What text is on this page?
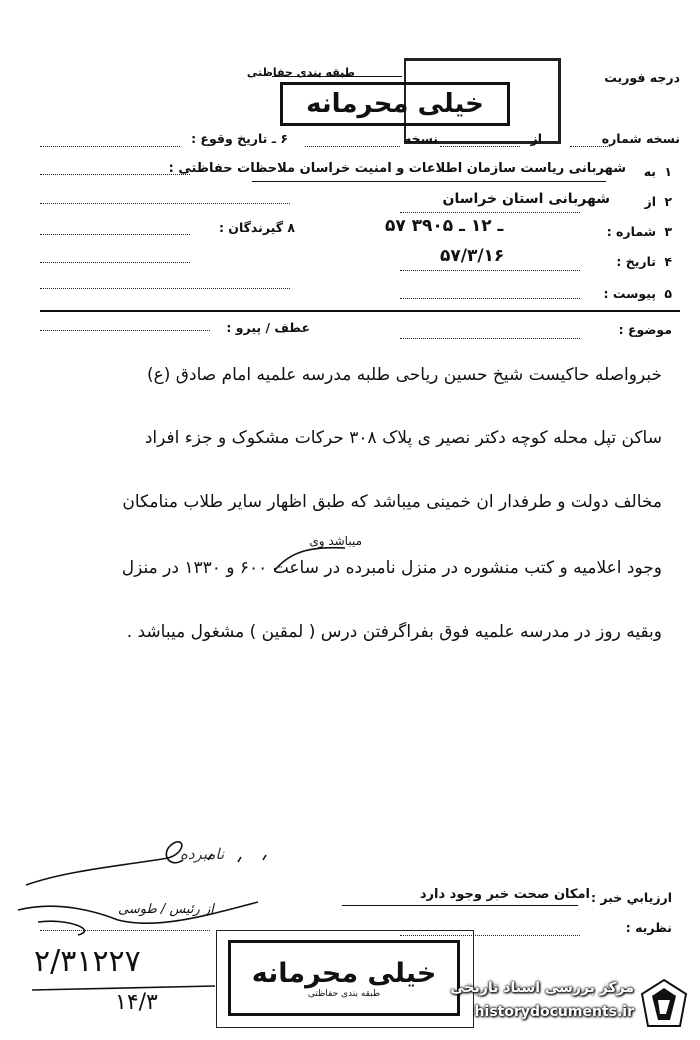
درجه فوريت
طبقه بندی حفاظتی
خیلی محرمانه
نسخه شماره
از
نسخه
۶ ـ تاريخ وقوع :
۱
به
شهربانی ریاست سازمان اطلاعات و امنیت خراسان ملاحظات حفاظتی :
۲
از
شهربانی استان خراسان
۳
شماره :
۵۷ ـ ۱۲ ـ ۳۹۰۵
۸ گيرندگان :
۴
تاريخ :
۵۷/۳/۱۶
۵
پيوست :
موضوع :
عطف / پيرو :
خبرواصله حاکیست شیخ حسین ریاحی طلبه مدرسه علمیه امام صادق (ع)
ساکن تپل محله کوچه دکتر نصیر ی پلاک ۳۰۸ حرکات مشکوک و جزء افراد
مخالف دولت و طرفدار ان خمینی میباشد که طبق اظهار سایر طلاب منامکان
میباشد وی
وجود اعلامیه و کتب منشوره در منزل نامبرده در ساعت ۶۰۰ و ۱۳۳۰ در منزل
وبقیه روز در مدرسه علمیه فوق بفراگرفتن درس ( لمقین ) مشغول میباشد .
نامبرده
از رئیس / طوسی
ارزيابي خبر :
امکان صحت خبر وجود دارد
نظريه :
۲/۳۱۲۲۷
۱۴/۳
خیلی محرمانه
طبقه بندی حفاظتی	مرکز بررسی اسناد تاریخی
historydocuments.ir
